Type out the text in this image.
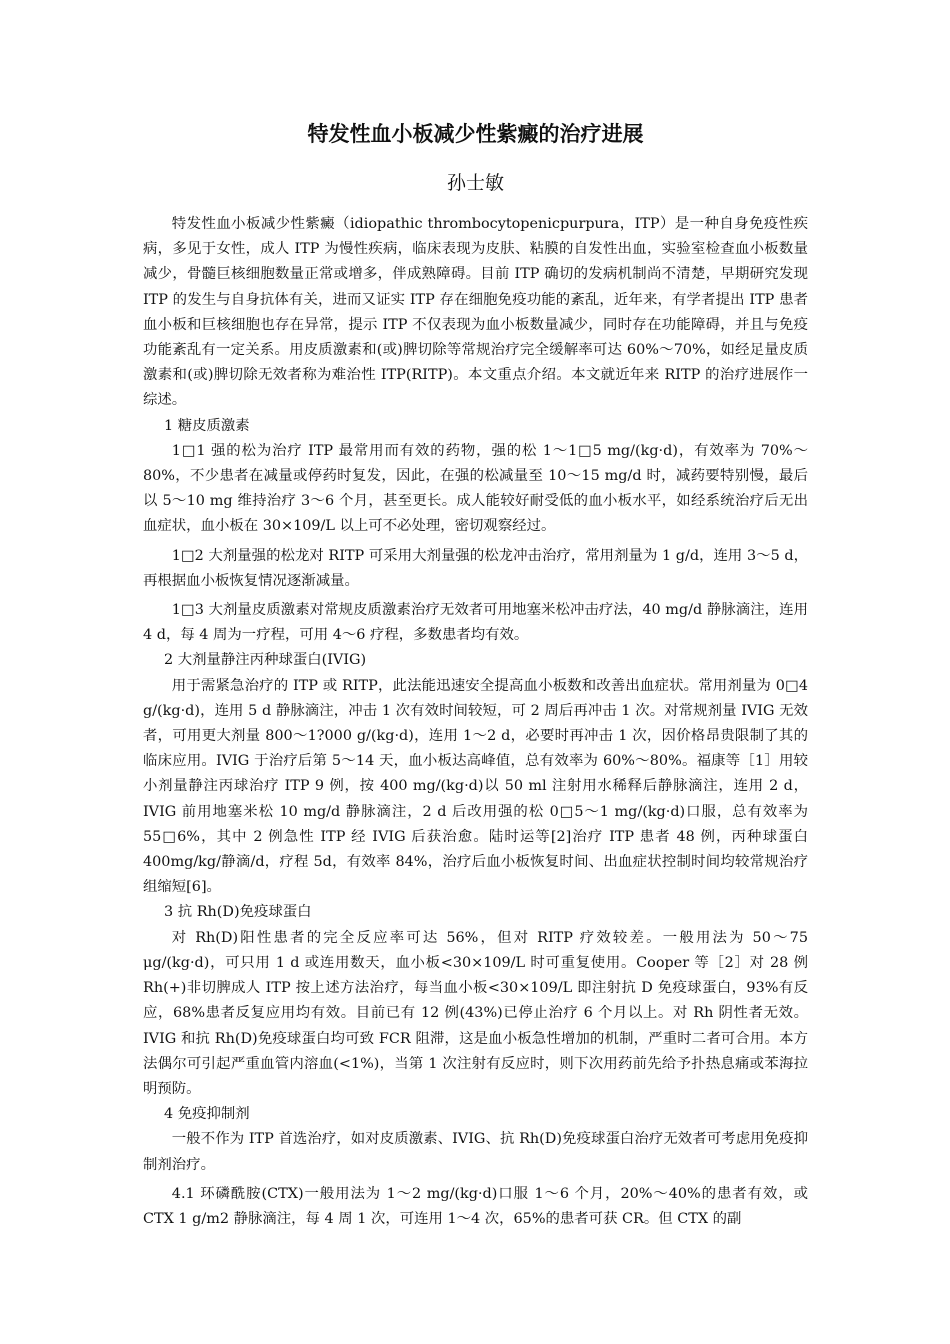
特发性血小板减少性紫癜的治疗进展
孙士敏

特发性血小板减少性紫癜（idiopathic thrombocytopenicpurpura，ITP）是一种自身免疫性疾病，多见于女性，成人 ITP 为慢性疾病，临床表现为皮肤、粘膜的自发性出血，实验室检查血小板数量减少，骨髓巨核细胞数量正常或增多，伴成熟障碍。目前 ITP 确切的发病机制尚不清楚，早期研究发现 ITP 的发生与自身抗体有关，进而又证实 ITP 存在细胞免疫功能的紊乱，近年来，有学者提出 ITP 患者血小板和巨核细胞也存在异常，提示 ITP 不仅表现为血小板数量减少，同时存在功能障碍，并且与免疫功能紊乱有一定关系。用皮质激素和(或)脾切除等常规治疗完全缓解率可达 60%～70%，如经足量皮质激素和(或)脾切除无效者称为难治性 ITP(RITP)。本文重点介绍。本文就近年来 RITP 的治疗进展作一综述。

1 糖皮质激素

1□1 强的松为治疗 ITP 最常用而有效的药物，强的松 1～1□5 mg/(kg·d)，有效率为 70%～80%，不少患者在减量或停药时复发，因此，在强的松减量至 10～15 mg/d 时，减药要特别慢，最后以 5～10 mg 维持治疗 3～6 个月，甚至更长。成人能较好耐受低的血小板水平，如经系统治疗后无出血症状，血小板在 30×109/L 以上可不必处理，密切观察经过。

1□2 大剂量强的松龙对 RITP 可采用大剂量强的松龙冲击治疗，常用剂量为 1 g/d，连用 3～5 d，再根据血小板恢复情况逐渐减量。

1□3 大剂量皮质激素对常规皮质激素治疗无效者可用地塞米松冲击疗法，40 mg/d 静脉滴注，连用 4 d，每 4 周为一疗程，可用 4～6 疗程，多数患者均有效。

2 大剂量静注丙种球蛋白(IVIG)

用于需紧急治疗的 ITP 或 RITP，此法能迅速安全提高血小板数和改善出血症状。常用剂量为 0□4 g/(kg·d)，连用 5 d 静脉滴注，冲击 1 次有效时间较短，可 2 周后再冲击 1 次。对常规剂量 IVIG 无效者，可用更大剂量 800～1?000 g/(kg·d)，连用 1～2 d，必要时再冲击 1 次，因价格昂贵限制了其的临床应用。IVIG 于治疗后第 5～14 天，血小板达高峰值，总有效率为 60%～80%。福康等［1］用较小剂量静注丙球治疗 ITP 9 例，按 400 mg/(kg·d)以 50 ml 注射用水稀释后静脉滴注，连用 2 d，IVIG 前用地塞米松 10 mg/d 静脉滴注，2 d 后改用强的松 0□5～1 mg/(kg·d)口服，总有效率为 55□6%，其中 2 例急性 ITP 经 IVIG 后获治愈。陆时运等[2]治疗 ITP 患者 48 例，丙种球蛋白 400mg/kg/静滴/d，疗程 5d，有效率 84%，治疗后血小板恢复时间、出血症状控制时间均较常规治疗组缩短[6]。

3 抗 Rh(D)免疫球蛋白

对 Rh(D)阳性患者的完全反应率可达 56%，但对 RITP 疗效较差。一般用法为 50～75 μg/(kg·d)，可只用 1 d 或连用数天，血小板<30×109/L 时可重复使用。Cooper 等［2］对 28 例 Rh(+)非切脾成人 ITP 按上述方法治疗，每当血小板<30×109/L 即注射抗 D 免疫球蛋白，93%有反应，68%患者反复应用均有效。目前已有 12 例(43%)已停止治疗 6 个月以上。对 Rh 阴性者无效。IVIG 和抗 Rh(D)免疫球蛋白均可致 FCR 阻滞，这是血小板急性增加的机制，严重时二者可合用。本方法偶尔可引起严重血管内溶血(<1%)，当第 1 次注射有反应时，则下次用药前先给予扑热息痛或苯海拉明预防。

4 免疫抑制剂

一般不作为 ITP 首选治疗，如对皮质激素、IVIG、抗 Rh(D)免疫球蛋白治疗无效者可考虑用免疫抑制剂治疗。

4.1 环磷酰胺(CTX)一般用法为 1～2 mg/(kg·d)口服 1～6 个月，20%～40%的患者有效，或 CTX 1 g/m2 静脉滴注，每 4 周 1 次，可连用 1～4 次，65%的患者可获 CR。但 CTX 的副
